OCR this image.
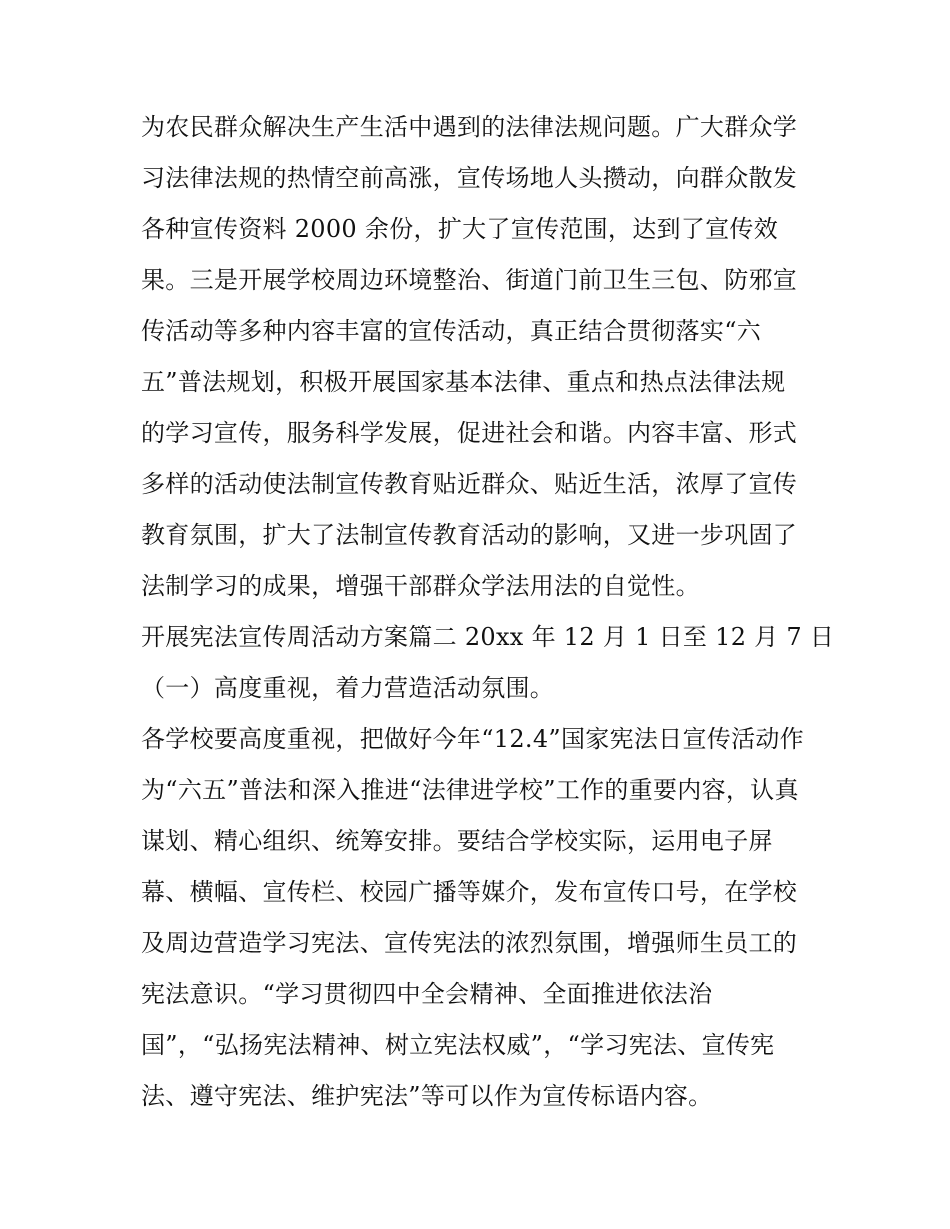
为农民群众解决生产生活中遇到的法律法规问题。广大群众学
习法律法规的热情空前高涨，宣传场地人头攒动，向群众散发
各种宣传资料 2000 余份，扩大了宣传范围，达到了宣传效
果。三是开展学校周边环境整治、街道门前卫生三包、防邪宣
传活动等多种内容丰富的宣传活动，真正结合贯彻落实“六
五”普法规划，积极开展国家基本法律、重点和热点法律法规
的学习宣传，服务科学发展，促进社会和谐。内容丰富、形式
多样的活动使法制宣传教育贴近群众、贴近生活，浓厚了宣传
教育氛围，扩大了法制宣传教育活动的影响，又进一步巩固了
法制学习的成果，增强干部群众学法用法的自觉性。
开展宪法宣传周活动方案篇二 20xx 年 12 月 1 日至 12 月 7 日
（一）高度重视，着力营造活动氛围。
各学校要高度重视，把做好今年“12.4”国家宪法日宣传活动作
为“六五”普法和深入推进“法律进学校”工作的重要内容，认真
谋划、精心组织、统筹安排。要结合学校实际，运用电子屏
幕、横幅、宣传栏、校园广播等媒介，发布宣传口号，在学校
及周边营造学习宪法、宣传宪法的浓烈氛围，增强师生员工的
宪法意识。“学习贯彻四中全会精神、全面推进依法治
国”，“弘扬宪法精神、树立宪法权威”，“学习宪法、宣传宪
法、遵守宪法、维护宪法”等可以作为宣传标语内容。
